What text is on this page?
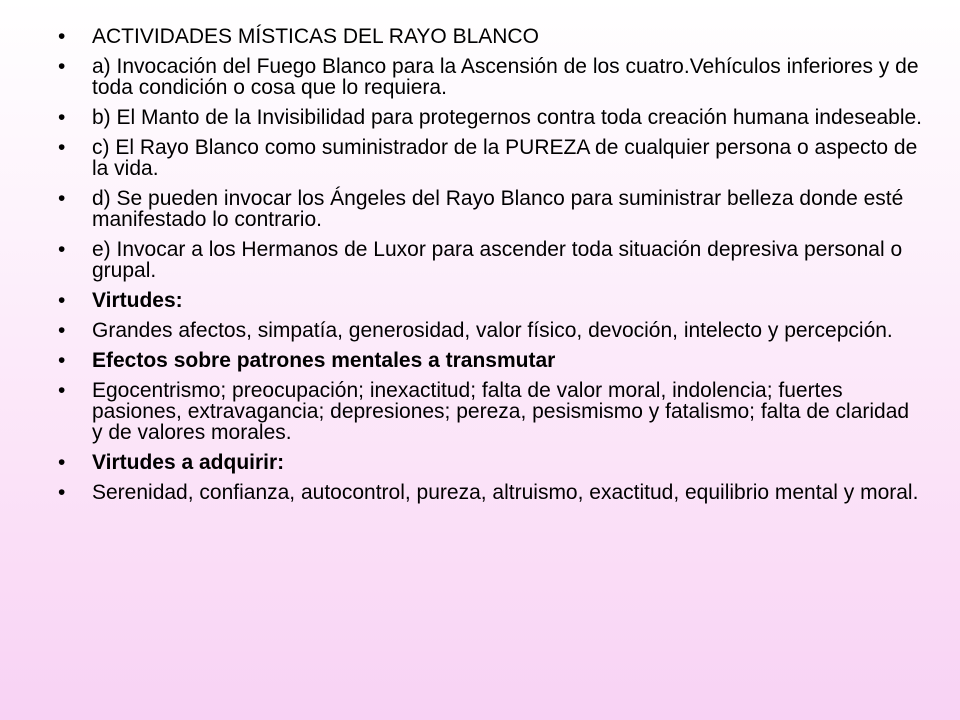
• ACTIVIDADES MÍSTICAS DEL RAYO BLANCO
• a) Invocación del Fuego Blanco para la Ascensión de los cuatro.Vehículos inferiores y de toda condición o cosa que lo requiera.
• b) El Manto de la Invisibilidad para protegernos contra toda creación humana indeseable.
• c) El Rayo Blanco como suministrador de la PUREZA de cualquier persona o aspecto de la vida.
• d) Se pueden invocar los Ángeles del Rayo Blanco para suministrar belleza donde esté manifestado lo contrario.
• e) Invocar a los Hermanos de Luxor para ascender toda situación depresiva personal o grupal.
• Virtudes:
• Grandes afectos, simpatía, generosidad, valor físico, devoción, intelecto y percepción.
• Efectos sobre patrones mentales a transmutar
• Egocentrismo; preocupación; inexactitud; falta de valor moral, indolencia; fuertes pasiones, extravagancia; depresiones; pereza, pesismismo y fatalismo; falta de claridad y de valores morales.
• Virtudes a adquirir:
• Serenidad, confianza, autocontrol, pureza, altruismo, exactitud, equilibrio mental y moral.
